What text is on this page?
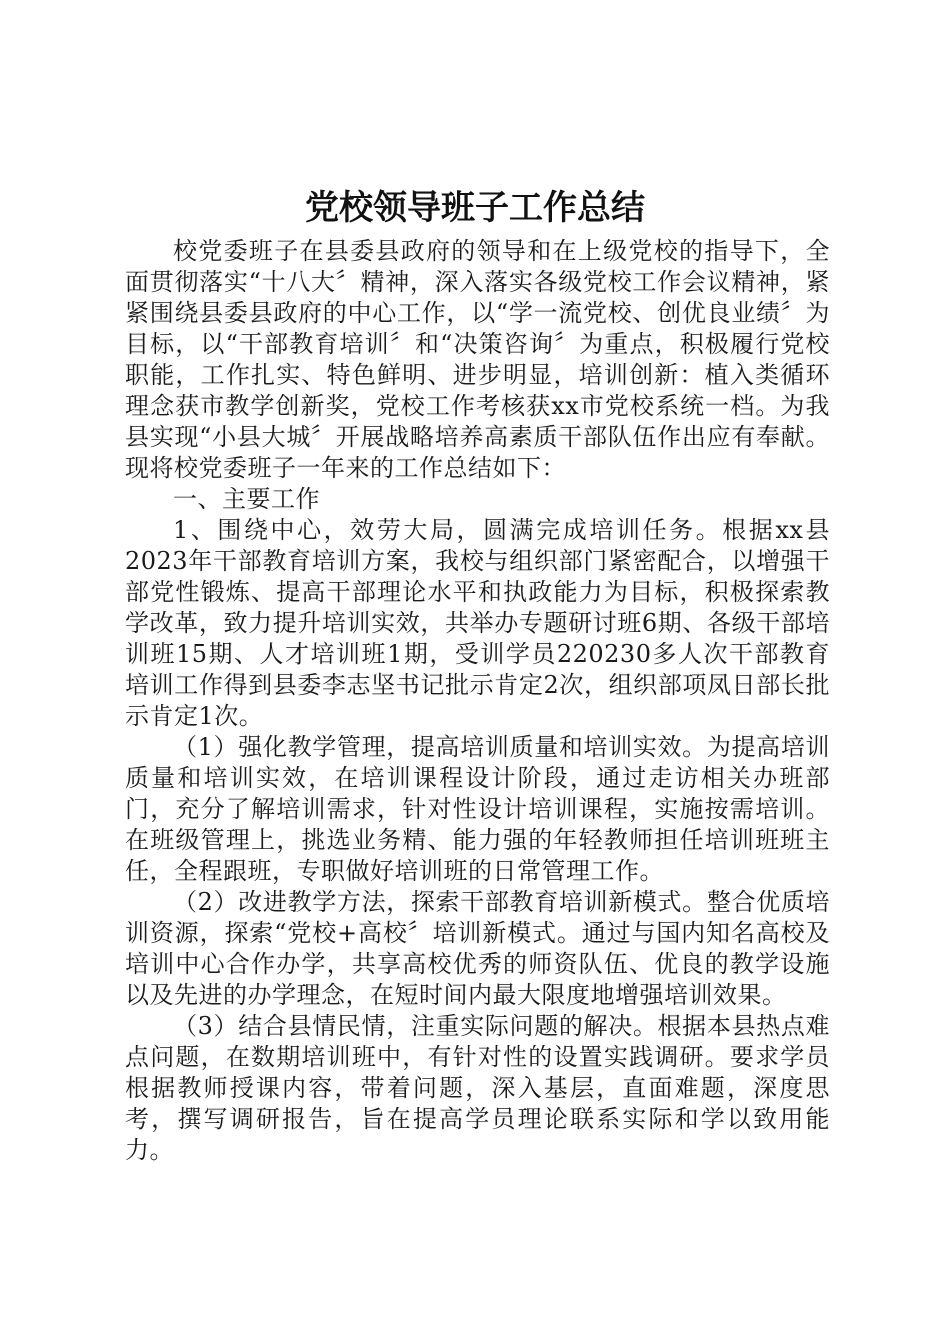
党校领导班子工作总结

校党委班子在县委县政府的领导和在上级党校的指导下，全面贯彻落实“十八大〞精神，深入落实各级党校工作会议精神，紧紧围绕县委县政府的中心工作，以“学一流党校、创优良业绩〞为目标，以“干部教育培训〞和“决策咨询〞为重点，积极履行党校职能，工作扎实、特色鲜明、进步明显，培训创新：植入类循环理念获市教学创新奖，党校工作考核获xx市党校系统一档。为我县实现“小县大城〞开展战略培养高素质干部队伍作出应有奉献。现将校党委班子一年来的工作总结如下：

一、主要工作

1、围绕中心，效劳大局，圆满完成培训任务。根据xx县2023年干部教育培训方案，我校与组织部门紧密配合，以增强干部党性锻炼、提高干部理论水平和执政能力为目标，积极探索教学改革，致力提升培训实效，共举办专题研讨班6期、各级干部培训班15期、人才培训班1期，受训学员220230多人次干部教育培训工作得到县委李志坚书记批示肯定2次，组织部项凤日部长批示肯定1次。

（1）强化教学管理，提高培训质量和培训实效。为提高培训质量和培训实效，在培训课程设计阶段，通过走访相关办班部门，充分了解培训需求，针对性设计培训课程，实施按需培训。在班级管理上，挑选业务精、能力强的年轻教师担任培训班班主任，全程跟班，专职做好培训班的日常管理工作。

（2）改进教学方法，探索干部教育培训新模式。整合优质培训资源，探索“党校+高校〞培训新模式。通过与国内知名高校及培训中心合作办学，共享高校优秀的师资队伍、优良的教学设施以及先进的办学理念，在短时间内最大限度地增强培训效果。

（3）结合县情民情，注重实际问题的解决。根据本县热点难点问题，在数期培训班中，有针对性的设置实践调研。要求学员根据教师授课内容，带着问题，深入基层，直面难题，深度思考，撰写调研报告，旨在提高学员理论联系实际和学以致用能力。
